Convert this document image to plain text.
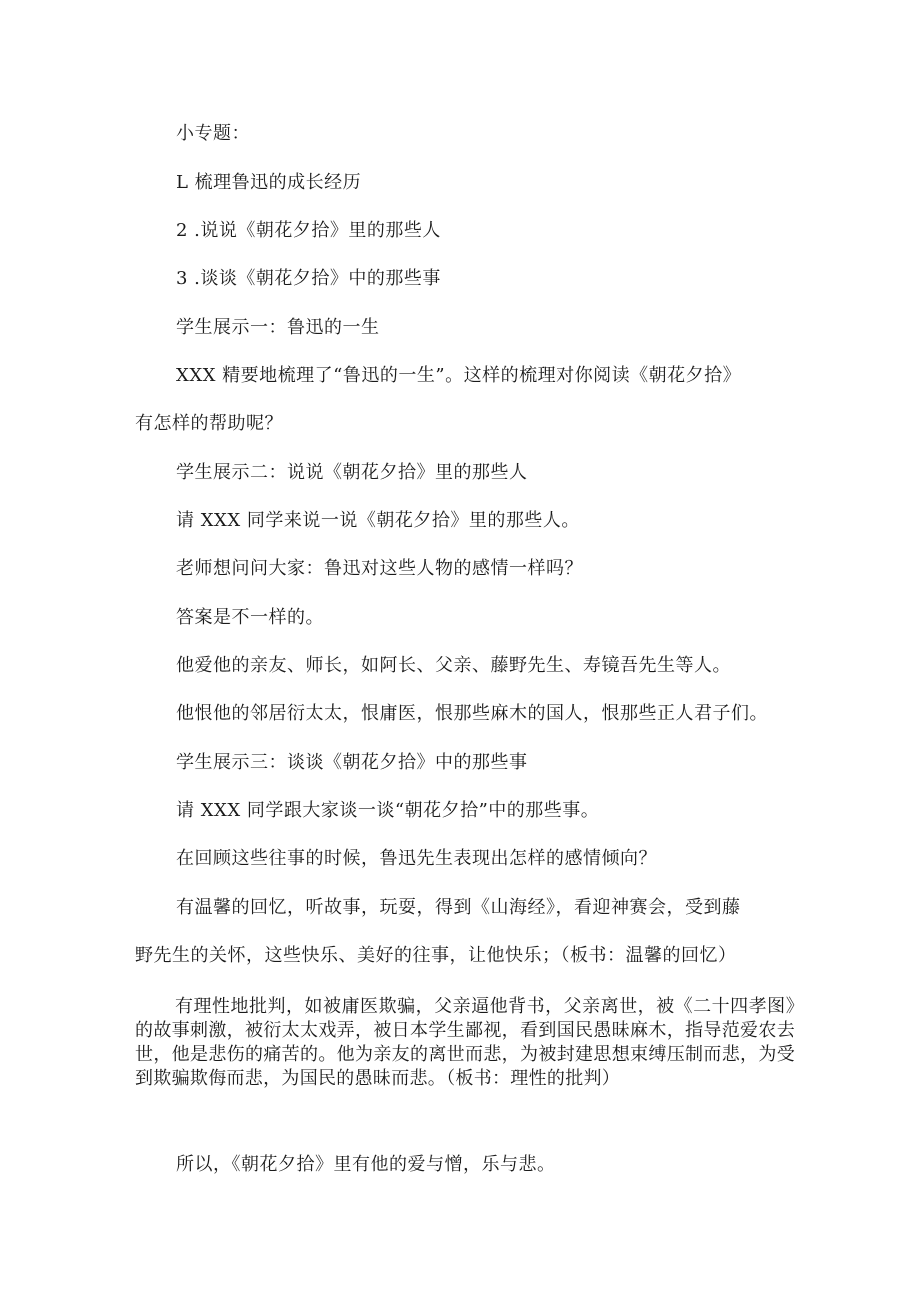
小专题：
L 梳理鲁迅的成长经历
2 .说说《朝花夕拾》里的那些人
3 .谈谈《朝花夕拾》中的那些事
学生展示一：鲁迅的一生
XXX 精要地梳理了“鲁迅的一生”。这样的梳理对你阅读《朝花夕拾》
有怎样的帮助呢？
学生展示二：说说《朝花夕拾》里的那些人
请 XXX 同学来说一说《朝花夕拾》里的那些人。
老师想问问大家：鲁迅对这些人物的感情一样吗？
答案是不一样的。
他爱他的亲友、师长，如阿长、父亲、藤野先生、寿镜吾先生等人。
他恨他的邻居衍太太，恨庸医，恨那些麻木的国人，恨那些正人君子们。
学生展示三：谈谈《朝花夕拾》中的那些事
请 XXX 同学跟大家谈一谈“朝花夕拾”中的那些事。
在回顾这些往事的时候，鲁迅先生表现出怎样的感情倾向？
有温馨的回忆，听故事，玩耍，得到《山海经》，看迎神赛会，受到藤
野先生的关怀，这些快乐、美好的往事，让他快乐；（板书：温馨的回忆）
有理性地批判，如被庸医欺骗，父亲逼他背书，父亲离世，被《二十四孝图》的故事刺激，被衍太太戏弄，被日本学生鄙视，看到国民愚昧麻木，指导范爱农去世，他是悲伤的痛苦的。他为亲友的离世而悲，为被封建思想束缚压制而悲，为受到欺骗欺侮而悲，为国民的愚昧而悲。（板书：理性的批判）
所以，《朝花夕拾》里有他的爱与憎，乐与悲。
